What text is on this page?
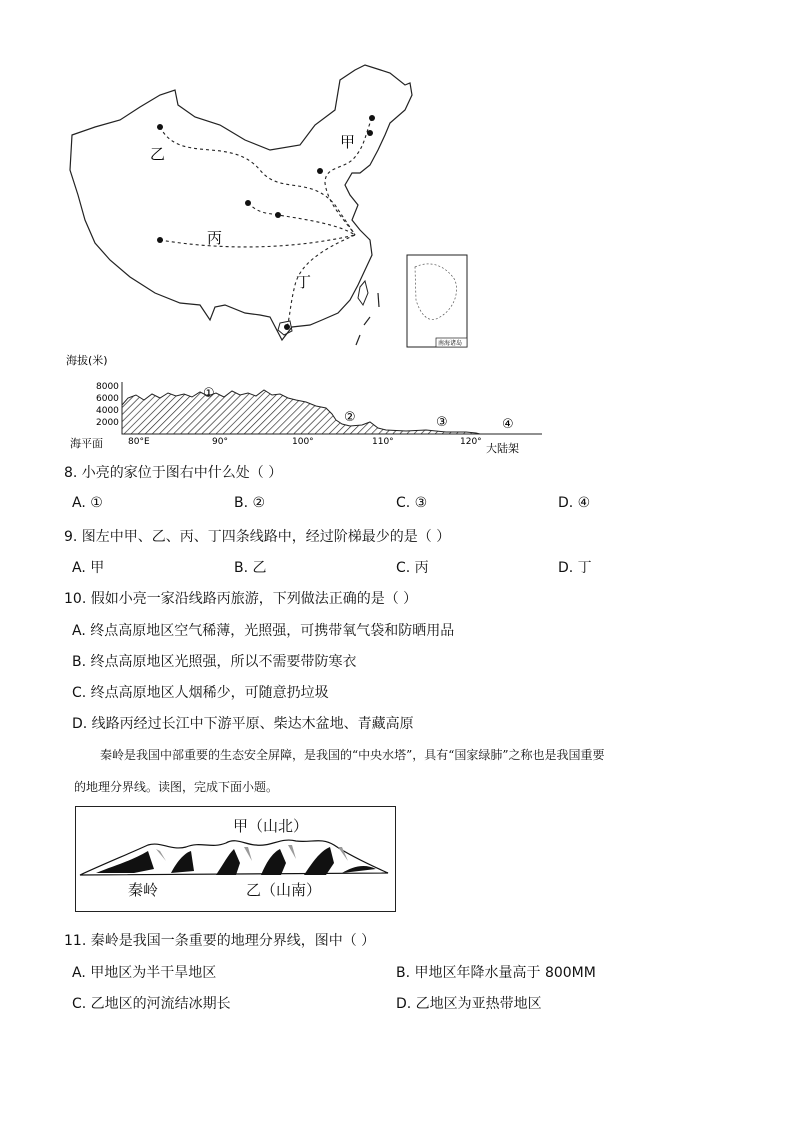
乙
甲
丙
丁
南海诸岛
海拔(米)
8000
6000
4000
2000
①
②	③	④
海平面	80°E	90°	100°	110°	120° 大陆架
8. 小亮的家位于图右中什么处（ ）
A. ①	B. ②	C. ③	D. ④
9. 图左中甲、乙、丙、丁四条线路中，经过阶梯最少的是（ ）
A. 甲	B. 乙	C. 丙	D. 丁
10. 假如小亮一家沿线路丙旅游，下列做法正确的是（ ）
A. 终点高原地区空气稀薄，光照强，可携带氧气袋和防晒用品
B. 终点高原地区光照强，所以不需要带防寒衣
C. 终点高原地区人烟稀少，可随意扔垃圾
D. 线路丙经过长江中下游平原、柴达木盆地、青藏高原
秦岭是我国中部重要的生态安全屏障，是我国的“中央水塔”，具有“国家绿肺”之称也是我国重要
的地理分界线。读图，完成下面小题。
甲（山北）
秦岭	乙（山南）
11. 秦岭是我国一条重要的地理分界线，图中（ ）
A. 甲地区为半干旱地区	B. 甲地区年降水量高于 800MM
C. 乙地区的河流结冰期长	D. 乙地区为亚热带地区
